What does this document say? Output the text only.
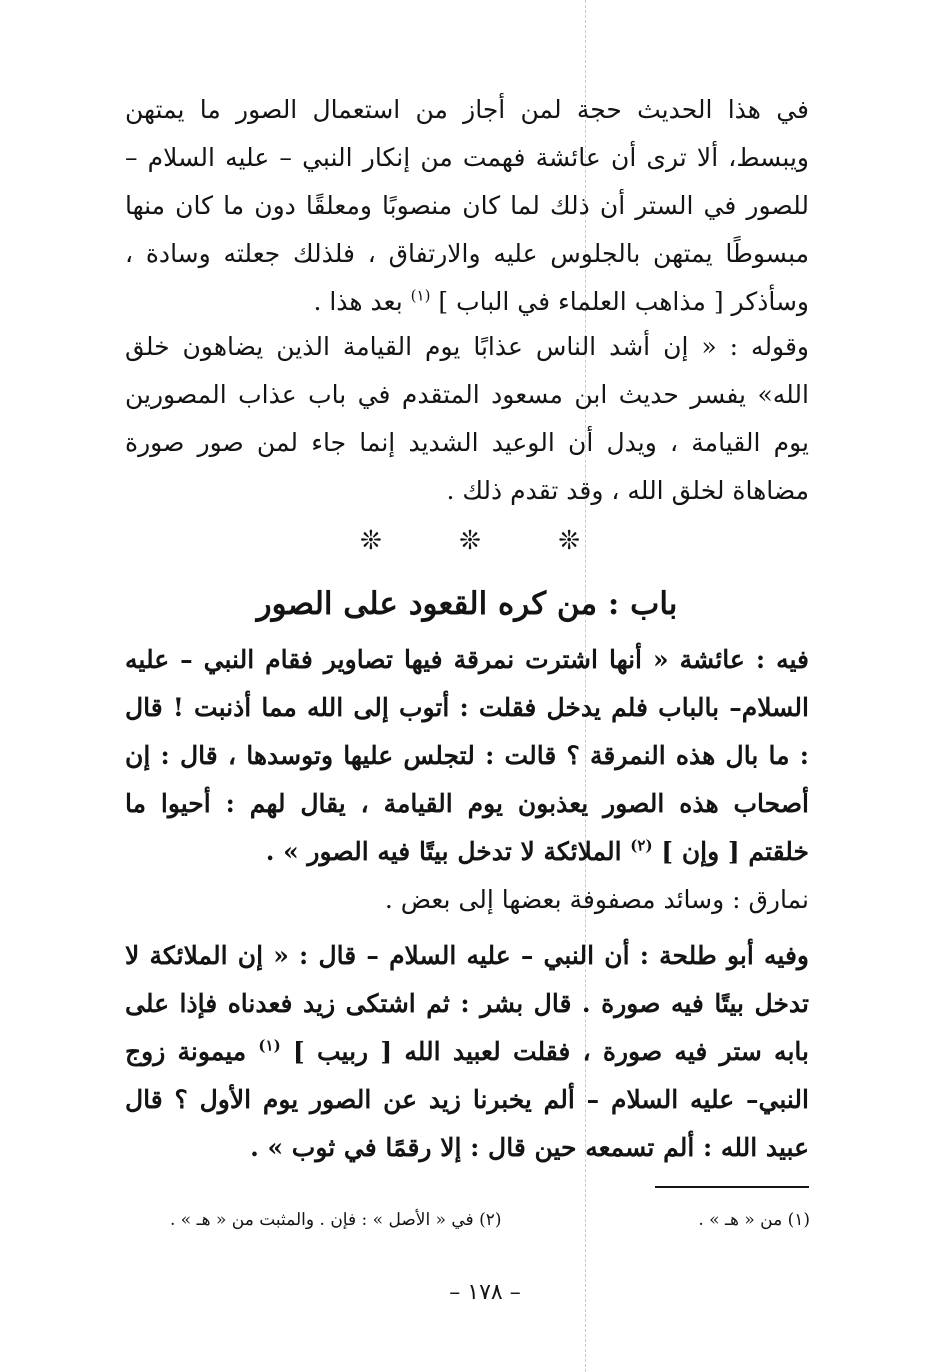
في هذا الحديث حجة لمن أجاز من استعمال الصور ما يمتهن ويبسط، ألا ترى أن عائشة فهمت من إنكار النبي – عليه السلام – للصور في الستر أن ذلك لما كان منصوبًا ومعلقًا دون ما كان منها مبسوطًا يمتهن بالجلوس عليه والارتفاق ، فلذلك جعلته وسادة ، وسأذكر [ مذاهب العلماء في الباب ] $^{(١)}$ بعد هذا .

وقوله : « إن أشد الناس عذابًا يوم القيامة الذين يضاهون خلق الله» يفسر حديث ابن مسعود المتقدم في باب عذاب المصورين يوم القيامة ، ويدل أن الوعيد الشديد إنما جاء لمن صور صورة مضاهاة لخلق الله ، وقد تقدم ذلك .

❊
❊
❊
باب : من كره القعود على الصور

فيه : عائشة « أنها اشترت نمرقة فيها تصاوير فقام النبي – عليه السلام– بالباب فلم يدخل فقلت : أتوب إلى الله مما أذنبت ! قال : ما بال هذه النمرقة ؟ قالت : لتجلس عليها وتوسدها ، قال : إن أصحاب هذه الصور يعذبون يوم القيامة ، يقال لهم : أحيوا ما خلقتم [ وإن ] $^{(٢)}$ الملائكة لا تدخل بيتًا فيه الصور » .

نمارق : وسائد مصفوفة بعضها إلى بعض .

وفيه أبو طلحة : أن النبي – عليه السلام – قال : « إن الملائكة لا تدخل بيتًا فيه صورة . قال بشر : ثم اشتكى زيد فعدناه فإذا على بابه ستر فيه صورة ، فقلت لعبيد الله [ ربيب ] $^{(١)}$ ميمونة زوج النبي– عليه السلام – ألم يخبرنا زيد عن الصور يوم الأول ؟ قال عبيد الله : ألم تسمعه حين قال : إلا رقمًا في ثوب » .

(١) من « هـ » .
(٢) في « الأصل » : فإن . والمثبت من « هـ » .
– ١٧٨ –
